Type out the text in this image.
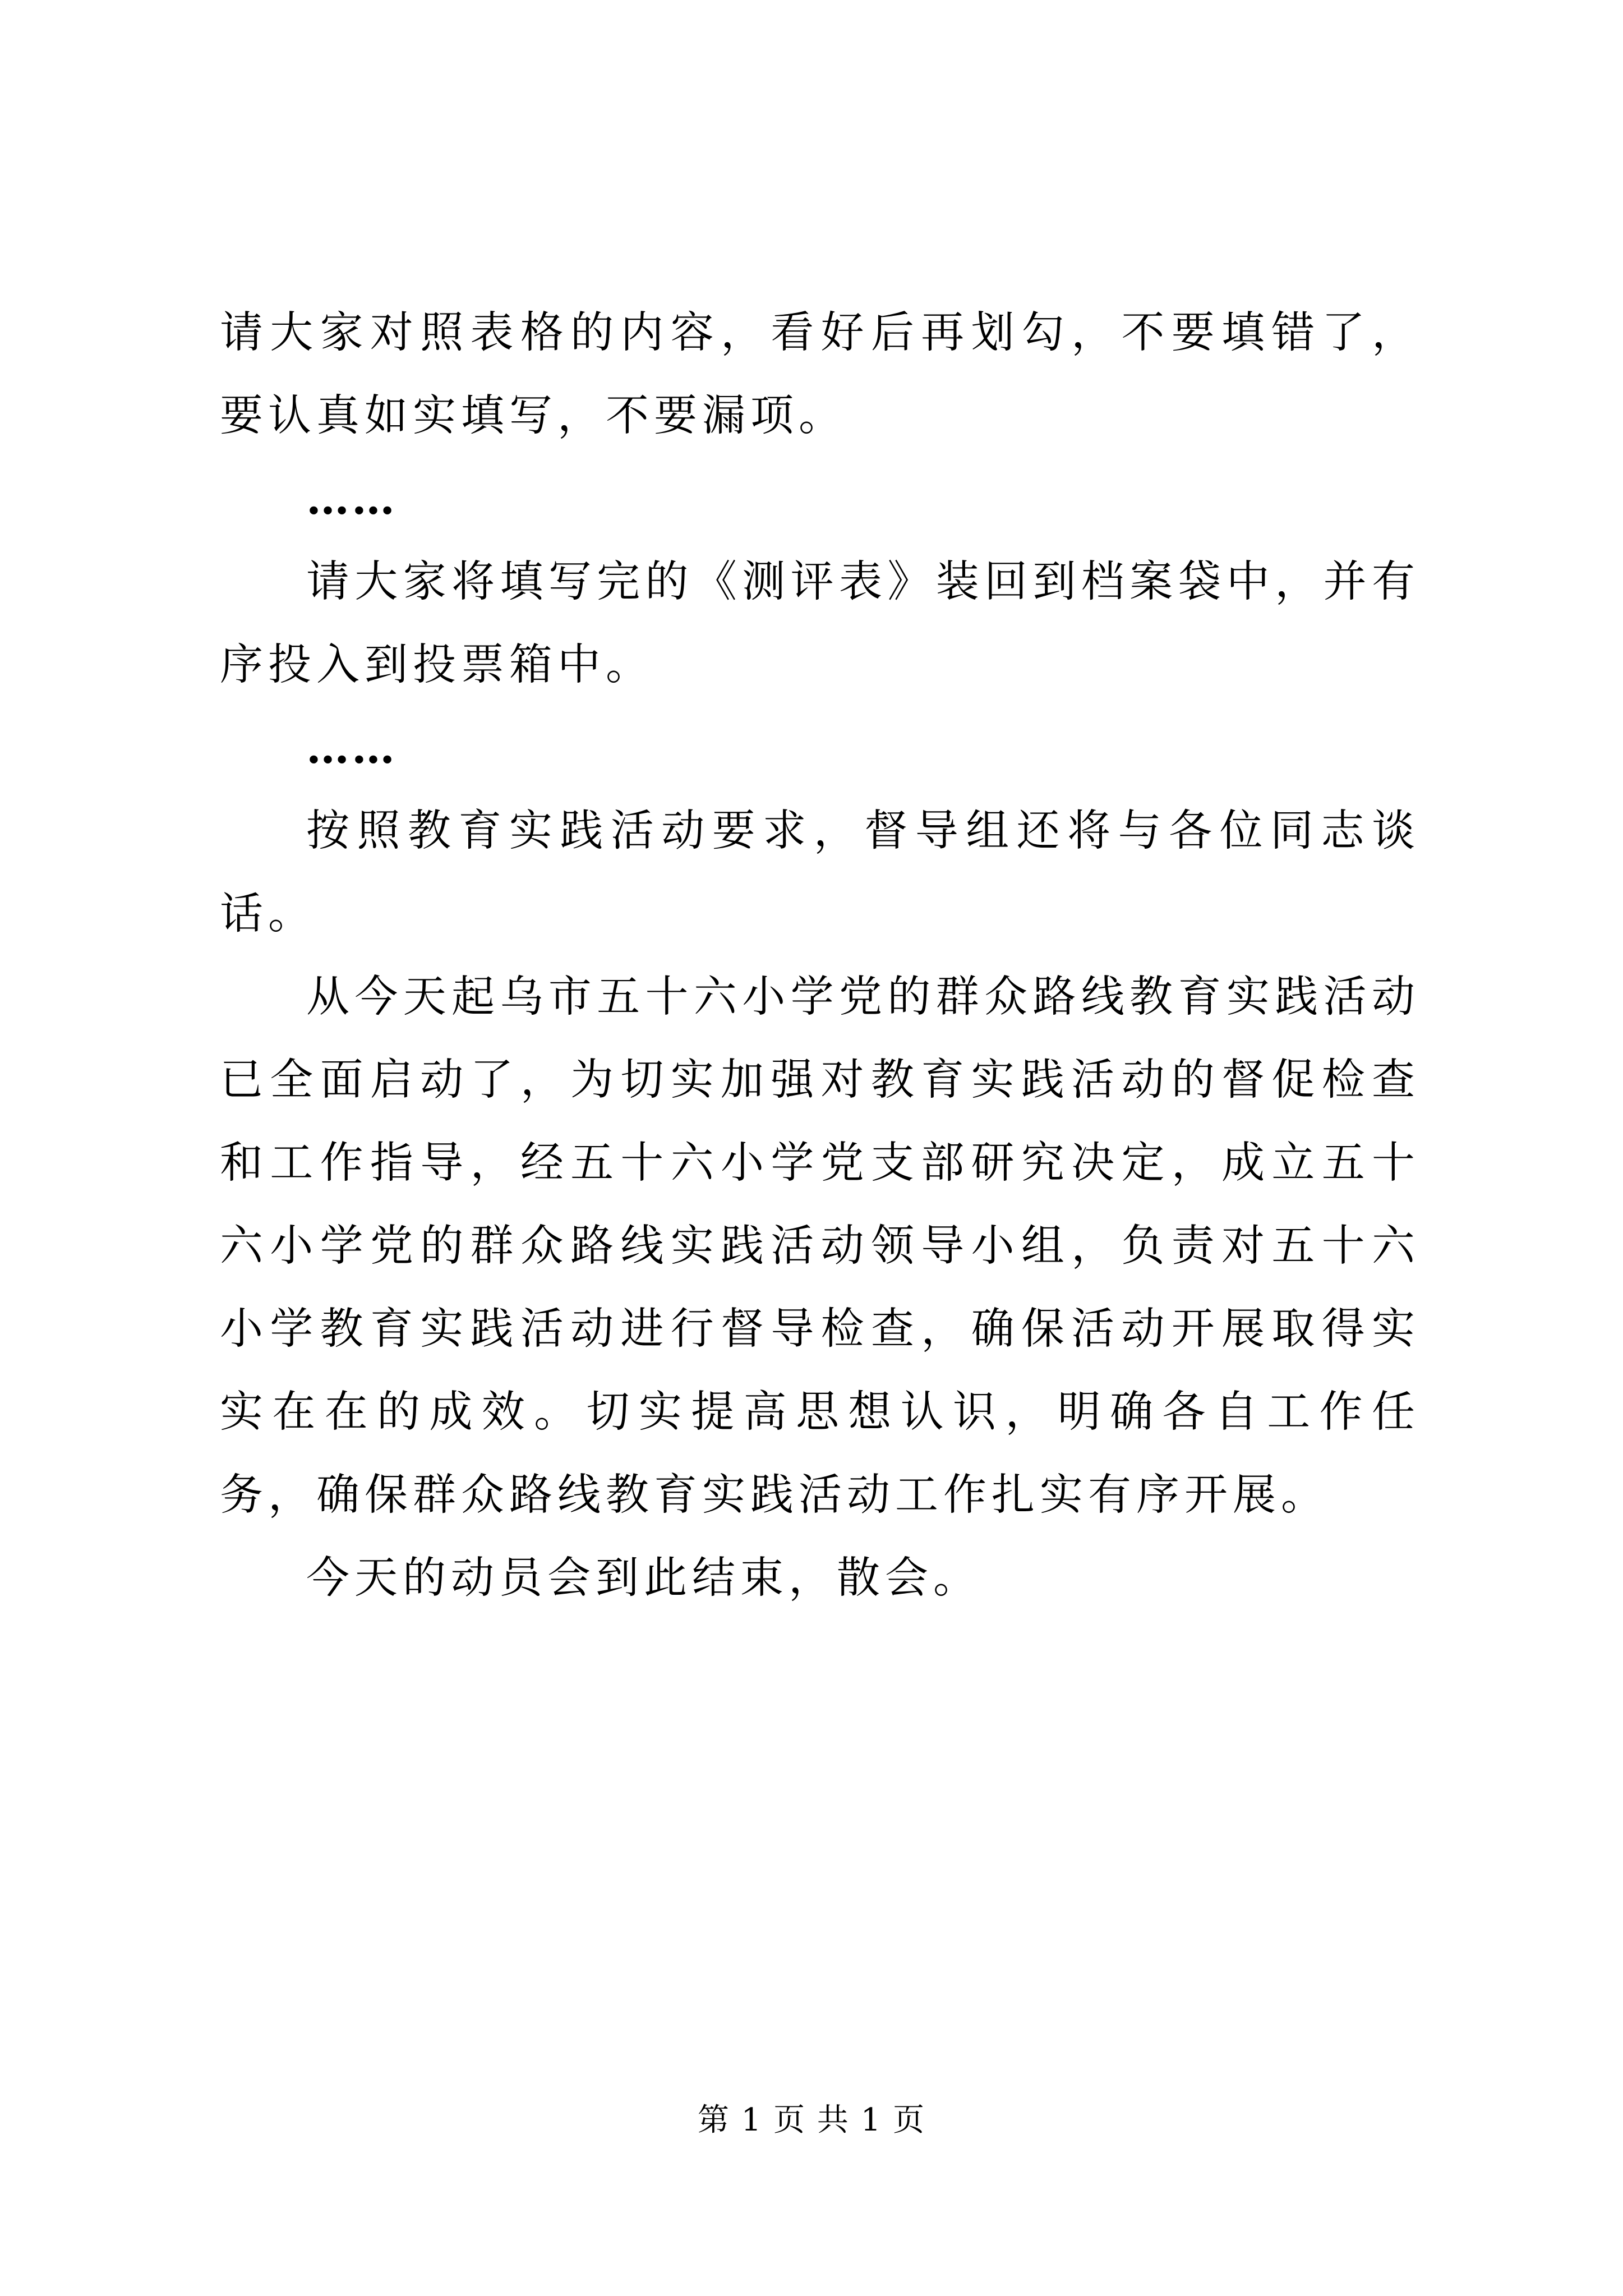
请大家对照表格的内容，看好后再划勾，不要填错了，要认真如实填写，不要漏项。

……

请大家将填写完的《测评表》装回到档案袋中，并有序投入到投票箱中。

……

按照教育实践活动要求，督导组还将与各位同志谈话。

从今天起乌市五十六小学党的群众路线教育实践活动已全面启动了，为切实加强对教育实践活动的督促检查和工作指导，经五十六小学党支部研究决定，成立五十六小学党的群众路线实践活动领导小组，负责对五十六小学教育实践活动进行督导检查，确保活动开展取得实实在在的成效。切实提高思想认识，明确各自工作任务，确保群众路线教育实践活动工作扎实有序开展。

今天的动员会到此结束，散会。

第 1 页 共 1 页
